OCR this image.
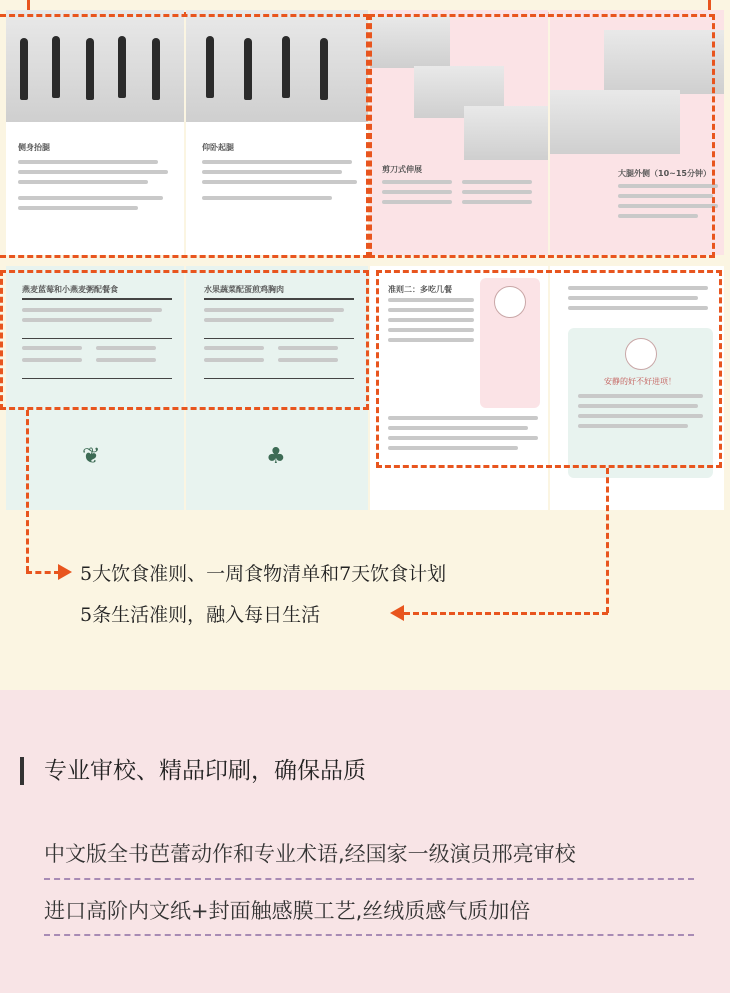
侧身抬腿	仰卧起腿
剪刀式伸展	大腿外侧（10~15分钟）
燕麦蓝莓和小燕麦粥配餐食
❦
水果蔬菜配蛋煎鸡胸肉
♣
准则二：多吃几餐
安静的好不好进项！
5大饮食准则、一周食物清单和7天饮食计划
5条生活准则，融入每日生活
专业审校、精品印刷，确保品质
中文版全书芭蕾动作和专业术语,经国家一级演员邢亮审校
进口高阶内文纸+封面触感膜工艺,丝绒质感气质加倍
